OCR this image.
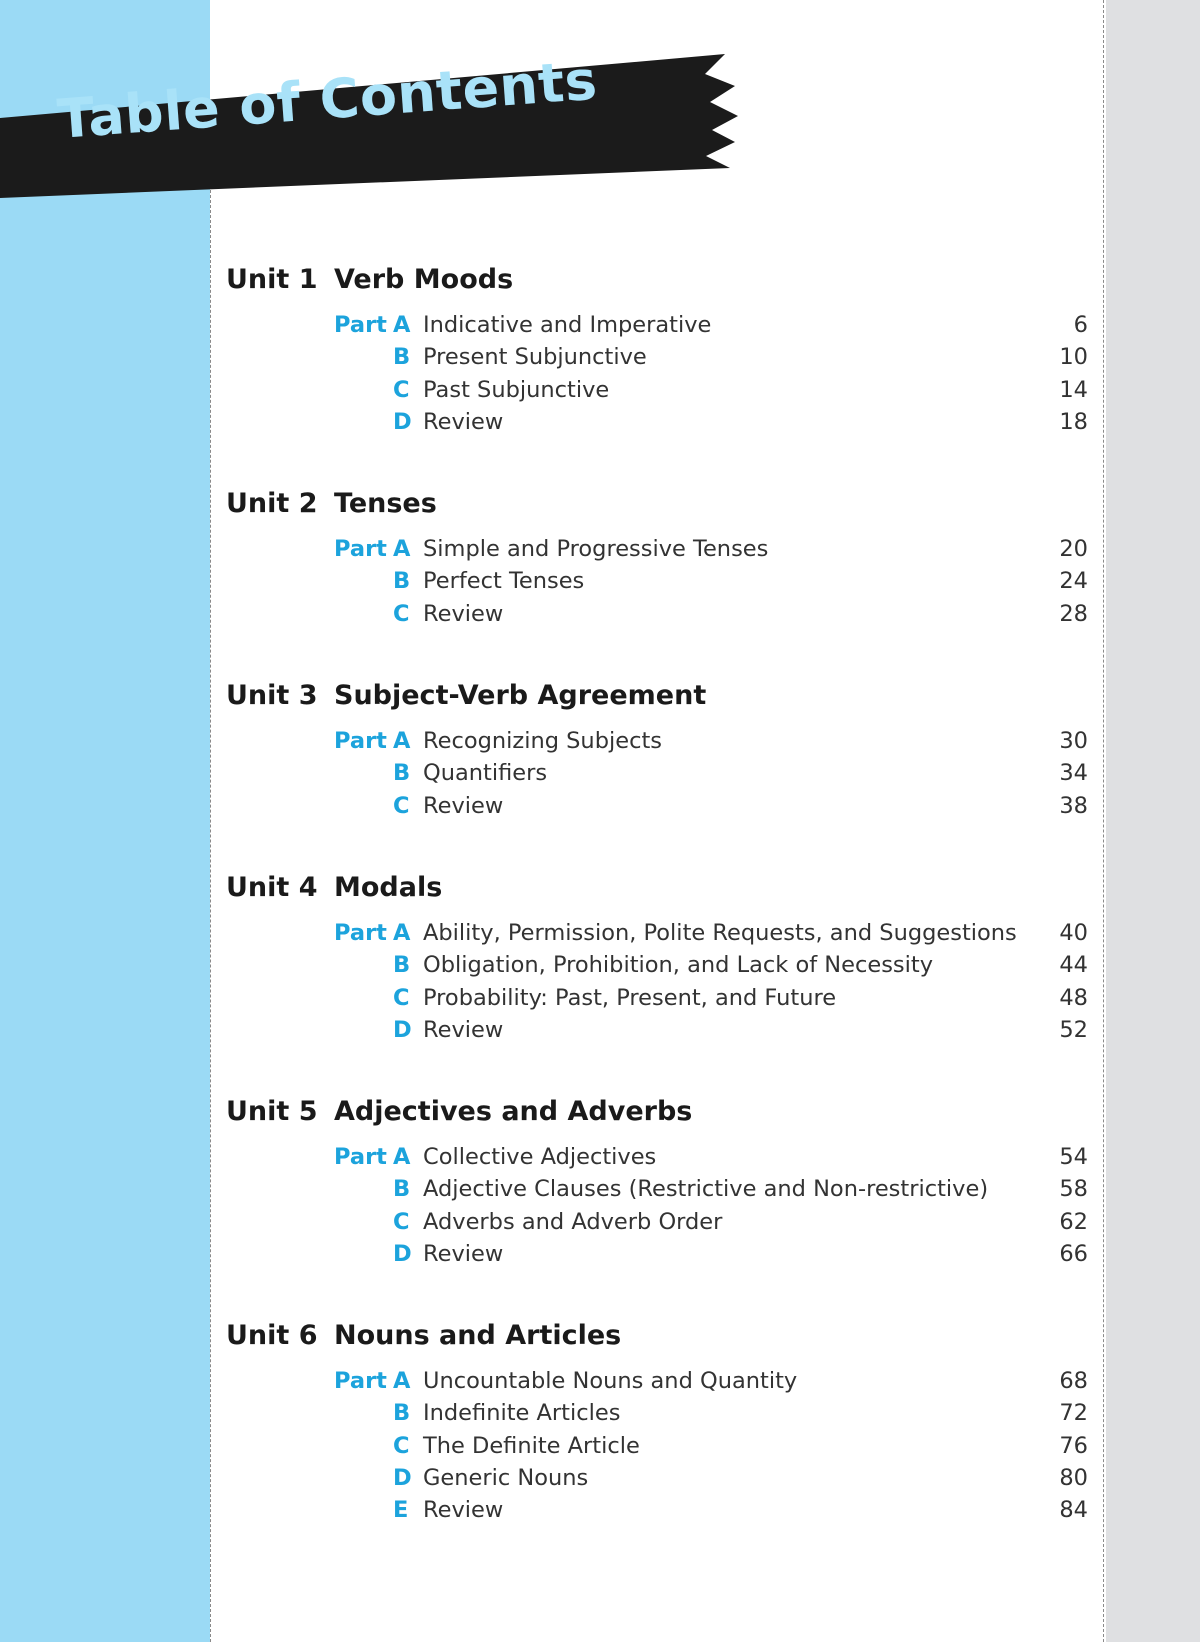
Table of Contents
Unit 1 Verb Moods
Part A Indicative and Imperative	6
B Present Subjunctive	10
C Past Subjunctive	14
D Review	18
Unit 2 Tenses
Part A Simple and Progressive Tenses	20
B Perfect Tenses	24
C Review	28
Unit 3 Subject-Verb Agreement
Part A Recognizing Subjects	30
B Quantifiers	34
C Review	38
Unit 4 Modals
Part A Ability, Permission, Polite Requests, and Suggestions 40
B Obligation, Prohibition, and Lack of Necessity	44
C Probability: Past, Present, and Future	48
D Review	52
Unit 5 Adjectives and Adverbs
Part A Collective Adjectives	54
B Adjective Clauses (Restrictive and Non-restrictive)	58
C Adverbs and Adverb Order	62
D Review	66
Unit 6 Nouns and Articles
Part A Uncountable Nouns and Quantity	68
B Indefinite Articles	72
C The Definite Article	76
D Generic Nouns	80
E Review	84
